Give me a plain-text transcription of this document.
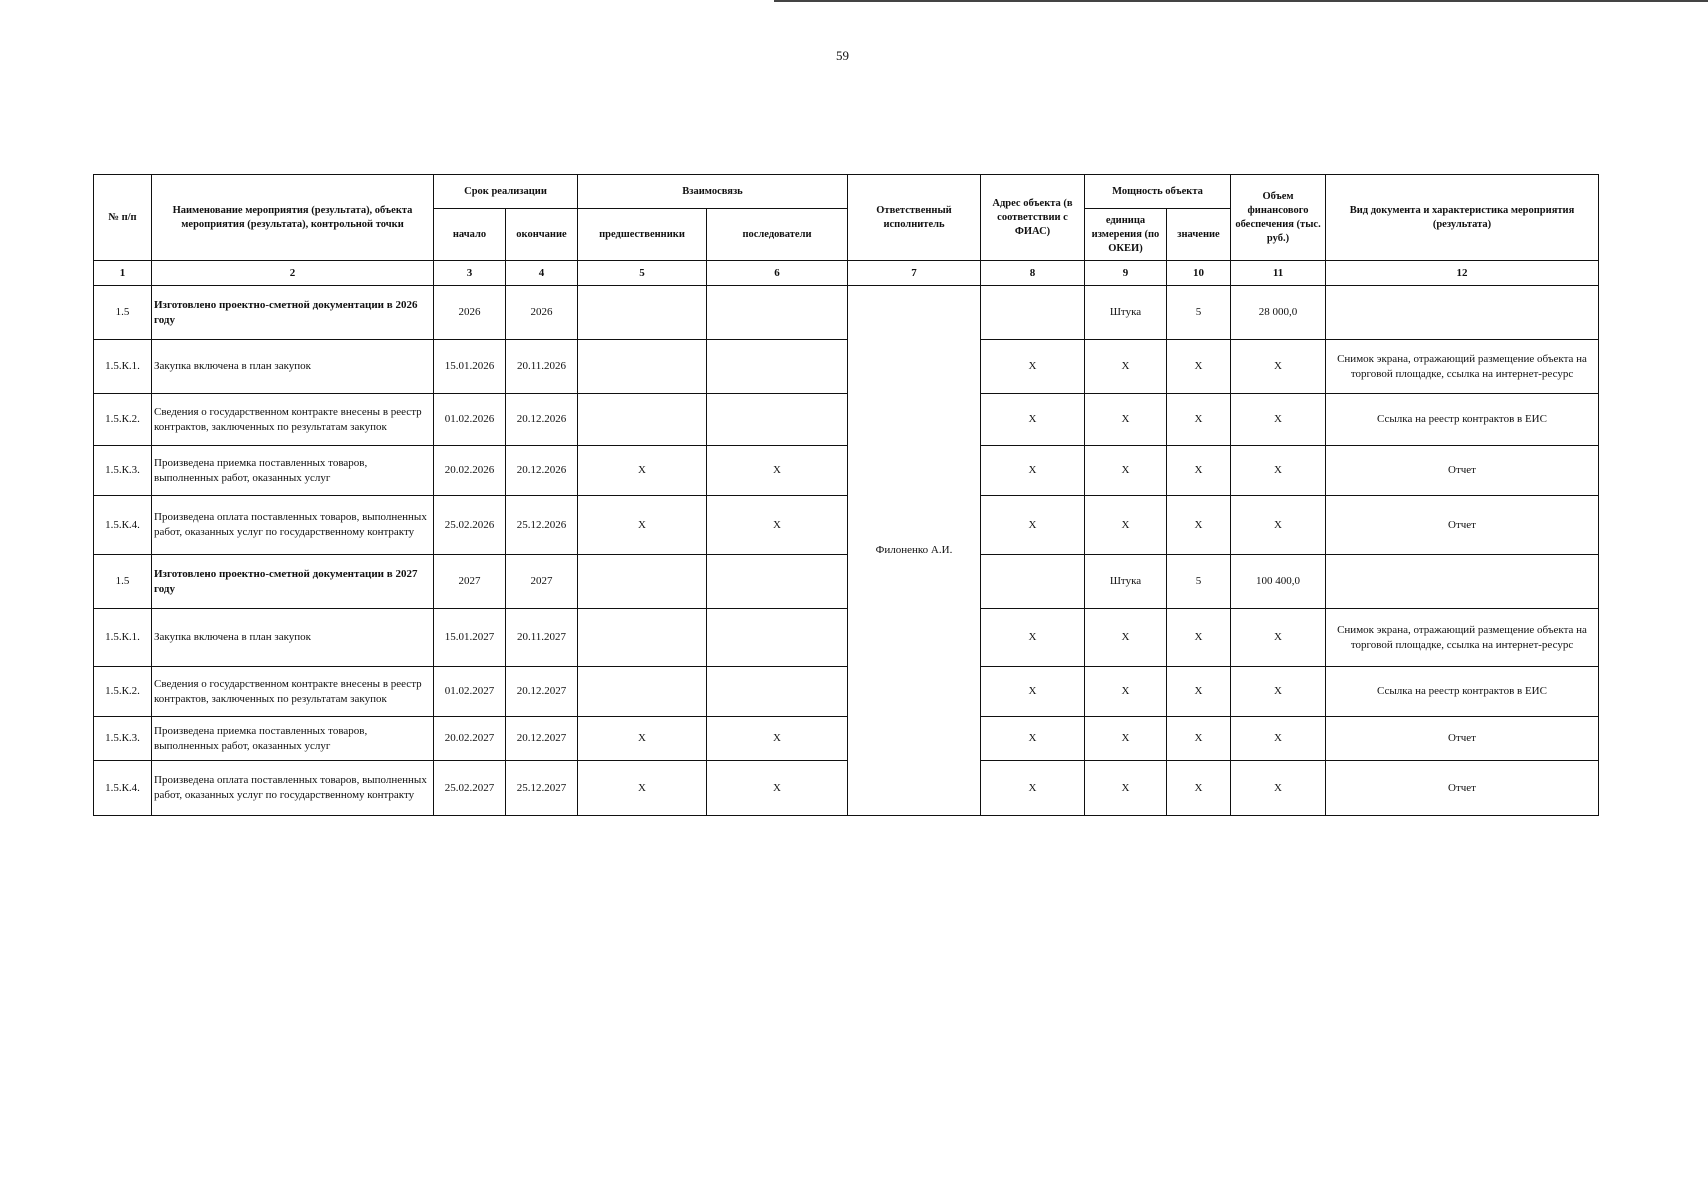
59
№ п/п	Наименование мероприятия (результата), объекта мероприятия (результата), контрольной точки	Срок реализации		Взаимосвязь		Ответственный исполнитель	Адрес объекта (в соответствии с ФИАС)	Мощность объекта		Объем финансового обеспечения (тыс. руб.)	Вид документа и характеристика мероприятия (результата)
		начало	окончание	предшественники	последователи			единица измерения (по ОКЕИ)	значение		
1	2	3	4	5	6	7	8	9	10	11	12
1.5	Изготовлено проектно-сметной документации в 2026 году	2026	2026			Филоненко А.И.		Штука	5	28 000,0	
1.5.К.1.	Закупка включена в план закупок	15.01.2026	20.11.2026				Х	Х	Х	Х	Снимок экрана, отражающий размещение объекта на торговой площадке, ссылка на интернет-ресурс
1.5.К.2.	Сведения о государственном контракте внесены в реестр контрактов, заключенных по результатам закупок	01.02.2026	20.12.2026				Х	Х	Х	Х	Ссылка на реестр контрактов в ЕИС
1.5.К.3.	Произведена приемка поставленных товаров, выполненных работ, оказанных услуг	20.02.2026	20.12.2026	Х	Х		Х	Х	Х	Х	Отчет
1.5.К.4.	Произведена оплата поставленных товаров, выполненных работ, оказанных услуг по государственному контракту	25.02.2026	25.12.2026	Х	Х		Х	Х	Х	Х	Отчет
1.5	Изготовлено проектно-сметной документации в 2027 году	2027	2027					Штука	5	100 400,0	
1.5.К.1.	Закупка включена в план закупок	15.01.2027	20.11.2027				Х	Х	Х	Х	Снимок экрана, отражающий размещение объекта на торговой площадке, ссылка на интернет-ресурс
1.5.К.2.	Сведения о государственном контракте внесены в реестр контрактов, заключенных по результатам закупок	01.02.2027	20.12.2027				Х	Х	Х	Х	Ссылка на реестр контрактов в ЕИС
1.5.К.3.	Произведена приемка поставленных товаров, выполненных работ, оказанных услуг	20.02.2027	20.12.2027	Х	Х		Х	Х	Х	Х	Отчет
1.5.К.4.	Произведена оплата поставленных товаров, выполненных работ, оказанных услуг по государственному контракту	25.02.2027	25.12.2027	Х	Х		Х	Х	Х	Х	Отчет
